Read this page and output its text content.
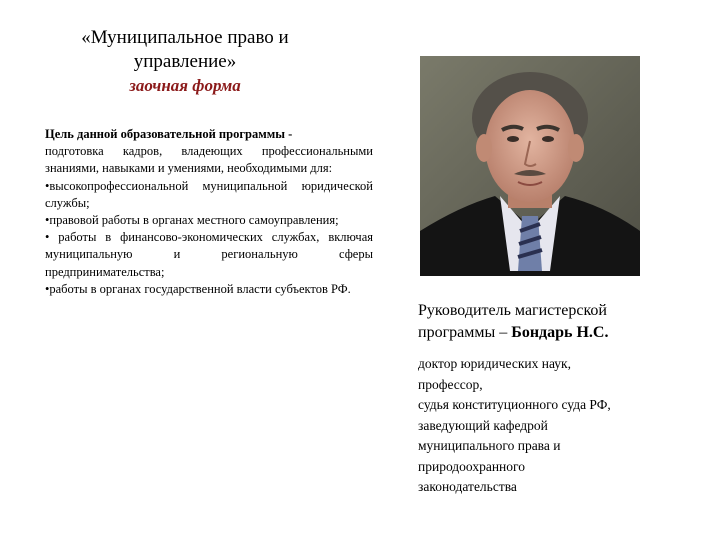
«Муниципальное право и
управление»
заочная форма

Цель данной образовательной программы -

подготовка кадров, владеющих профессиональными знаниями, навыками и умениями, необходимыми для:

•высокопрофессиональной муниципальной юридической службы;

•правовой работы в органах местного самоуправления;

• работы в финансово-экономических службах, включая муниципальную и региональную сферы предпринимательства;

•работы в органах государственной власти субъектов РФ.

Руководитель магистерской программы – Бондарь Н.С.
доктор юридических наук,
профессор,
судья конституционного суда РФ,
заведующий кафедрой
муниципального права и
природоохранного
законодательства
